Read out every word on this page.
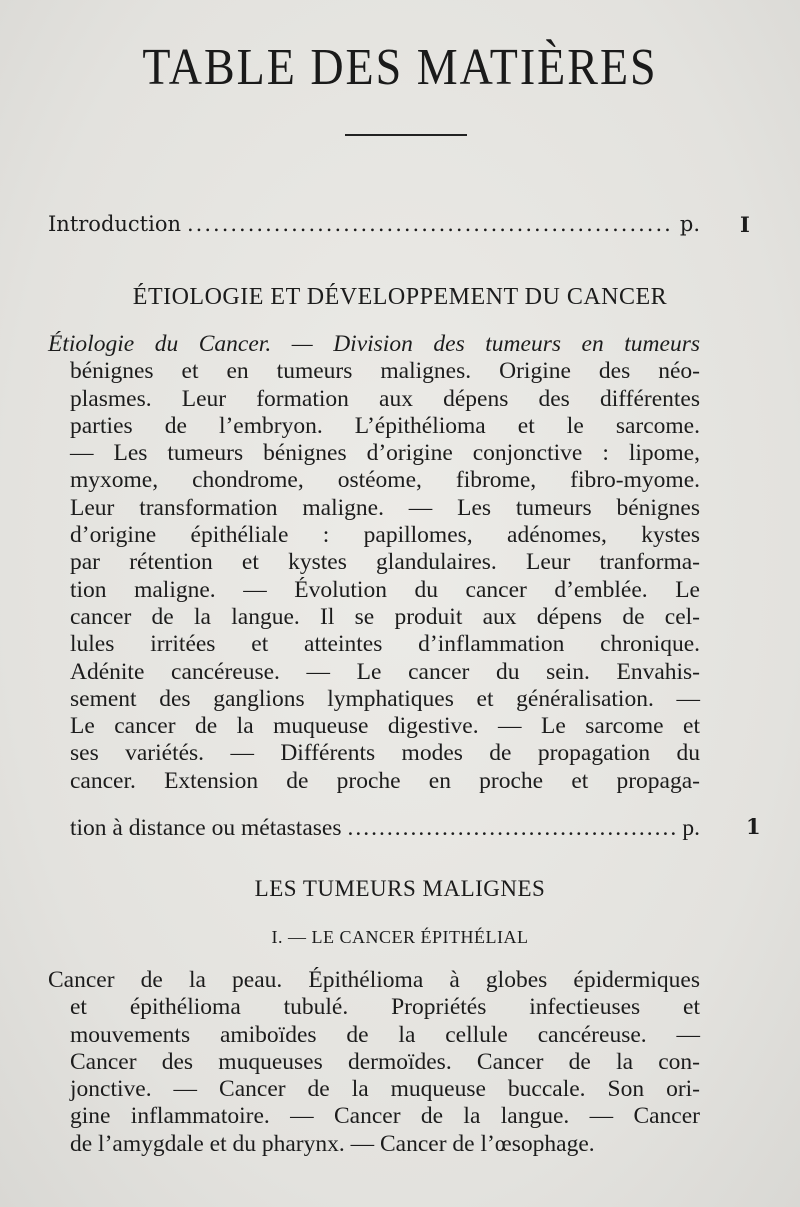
TABLE DES MATIÈRES
Introduction .....	p. I
ÉTIOLOGIE ET DÉVELOPPEMENT DU CANCER
Étiologie du Cancer. — Division des tumeurs en tumeurs
bénignes et en tumeurs malignes. Origine des néo-
plasmes. Leur formation aux dépens des différentes
parties de l’embryon. L’épithélioma et le sarcome.
— Les tumeurs bénignes d’origine conjonctive : lipome,
myxome, chondrome, ostéome, fibrome, fibro-myome.
Leur transformation maligne. — Les tumeurs bénignes
d’origine épithéliale : papillomes, adénomes, kystes
par rétention et kystes glandulaires. Leur tranforma-
tion maligne. — Évolution du cancer d’emblée. Le
cancer de la langue. Il se produit aux dépens de cel-
lules irritées et atteintes d’inflammation chronique.
Adénite cancéreuse. — Le cancer du sein. Envahis-
sement des ganglions lymphatiques et généralisation. —
Le cancer de la muqueuse digestive. — Le sarcome et
ses variétés. — Différents modes de propagation du
cancer. Extension de proche en proche et propaga-
tion à distance ou métastases .....	p. 1
LES TUMEURS MALIGNES
I. — LE CANCER ÉPITHÉLIAL
Cancer de la peau. Épithélioma à globes épidermiques
et épithélioma tubulé. Propriétés infectieuses et
mouvements amiboïdes de la cellule cancéreuse. —
Cancer des muqueuses dermoïdes. Cancer de la con-
jonctive. — Cancer de la muqueuse buccale. Son ori-
gine inflammatoire. — Cancer de la langue. — Cancer
de l’amygdale et du pharynx. — Cancer de l’œsophage.
